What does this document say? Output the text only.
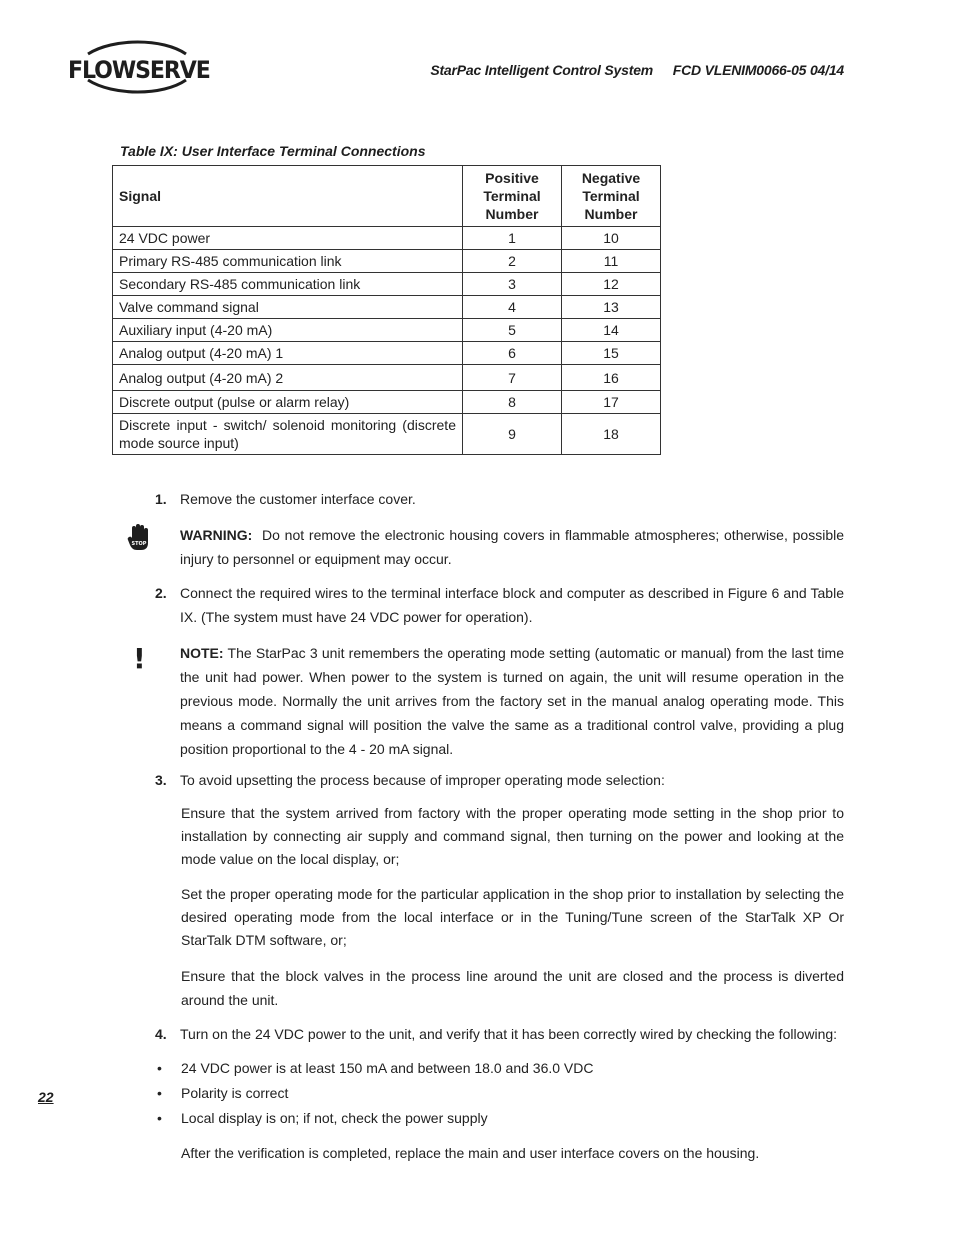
FLOWSERVE	StarPac Intelligent Control System FCD VLENIM0066-05 04/14
Table IX: User Interface Terminal Connections
Signal	Positive Terminal Number	Negative Terminal Number
24 VDC power	1	10
Primary RS-485 communication link	2	11
Secondary RS-485 communication link	3	12
Valve command signal	4	13
Auxiliary input (4-20 mA)	5	14
Analog output (4-20 mA) 1	6	15
Analog output (4-20 mA) 2	7	16
Discrete output (pulse or alarm relay)	8	17
Discrete input - switch/ solenoid monitoring (discrete mode source input)	9	18
1. Remove the customer interface cover.
STOP
WARNING: Do not remove the electronic housing covers in flammable atmospheres; otherwise, possible injury to personnel or equipment may occur.
2. Connect the required wires to the terminal interface block and computer as described in Figure 6 and Table IX. (The system must have 24 VDC power for operation).
! NOTE: The StarPac 3 unit remembers the operating mode setting (automatic or manual) from the last time the unit had power. When power to the system is turned on again, the unit will resume operation in the previous mode. Normally the unit arrives from the factory set in the manual analog operating mode. This means a command signal will position the valve the same as a traditional control valve, providing a plug position proportional to the 4 - 20 mA signal.
3. To avoid upsetting the process because of improper operating mode selection:
Ensure that the system arrived from factory with the proper operating mode setting in the shop prior to installation by connecting air supply and command signal, then turning on the power and looking at the mode value on the local display, or;
Set the proper operating mode for the particular application in the shop prior to installation by selecting the desired operating mode from the local interface or in the Tuning/Tune screen of the StarTalk XP Or StarTalk DTM software, or;
Ensure that the block valves in the process line around the unit are closed and the process is diverted around the unit.
4. Turn on the 24 VDC power to the unit, and verify that it has been correctly wired by checking the following:
• 24 VDC power is at least 150 mA and between 18.0 and 36.0 VDC
• Polarity is correct
• Local display is on; if not, check the power supply
After the verification is completed, replace the main and user interface covers on the housing.
22
